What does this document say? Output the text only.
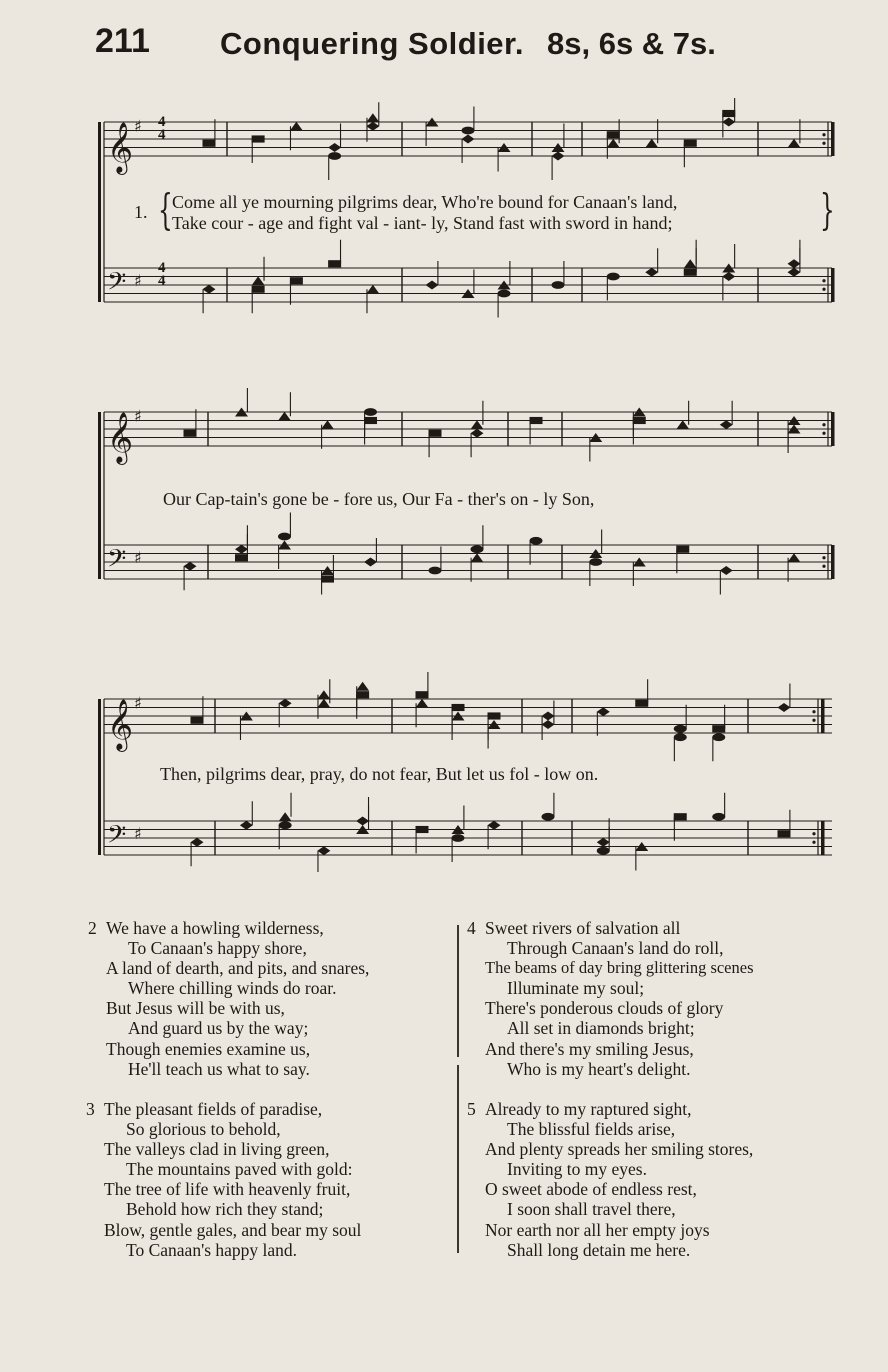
211 Conquering Soldier. 8s, 6s & 7s.
𝄞
𝄢
♯
♯
4
4
4
4
1. { Come all ye mourning pilgrims dear, Who're bound for Canaan's land,
Take cour - age and fight val - iant- ly, Stand fast with sword in hand;	}
𝄞
𝄢
♯
♯
Our Cap-tain's gone be - fore us, Our Fa - ther's on - ly Son,
𝄞
𝄢
♯
♯
Then, pilgrims dear, pray, do not fear, But let us fol - low on.
2 We have a howling wilderness,
To Canaan's happy shore,
A land of dearth, and pits, and snares,
Where chilling winds do roar.
But Jesus will be with us,
And guard us by the way;
Though enemies examine us,
He'll teach us what to say.
3 The pleasant fields of paradise,
So glorious to behold,
The valleys clad in living green,
The mountains paved with gold:
The tree of life with heavenly fruit,
Behold how rich they stand;
Blow, gentle gales, and bear my soul
To Canaan's happy land.
4 Sweet rivers of salvation all
Through Canaan's land do roll,
The beams of day bring glittering scenes
Illuminate my soul;
There's ponderous clouds of glory
All set in diamonds bright;
And there's my smiling Jesus,
Who is my heart's delight.
5 Already to my raptured sight,
The blissful fields arise,
And plenty spreads her smiling stores,
Inviting to my eyes.
O sweet abode of endless rest,
I soon shall travel there,
Nor earth nor all her empty joys
Shall long detain me here.
